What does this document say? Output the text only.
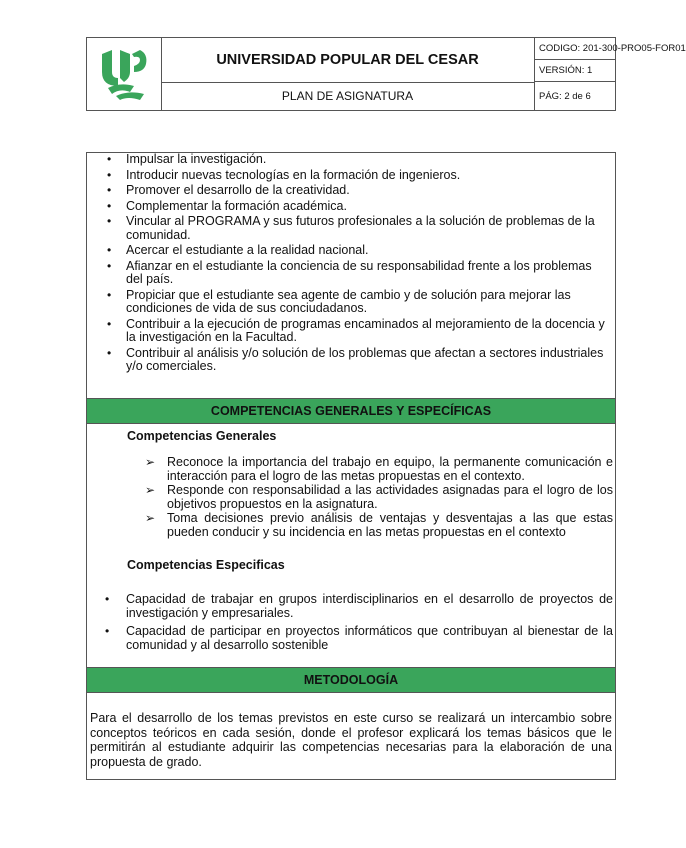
UNIVERSIDAD POPULAR DEL CESAR
PLAN DE ASIGNATURA
CODIGO: 201-300-PRO05-FOR01
VERSIÓN: 1
PÁG: 2 de 6
• Impulsar la investigación.
• Introducir nuevas tecnologías en la formación de ingenieros.
• Promover el desarrollo de la creatividad.
• Complementar la formación académica.
• Vincular al PROGRAMA y sus futuros profesionales a la solución de problemas de la comunidad.
• Acercar el estudiante a la realidad nacional.
• Afianzar en el estudiante la conciencia de su responsabilidad frente a los problemas del país.
• Propiciar que el estudiante sea agente de cambio y de solución para mejorar las condiciones de vida de sus conciudadanos.
• Contribuir a la ejecución de programas encaminados al mejoramiento de la docencia y la investigación en la Facultad.
• Contribuir al análisis y/o solución de los problemas que afectan a sectores industriales y/o comerciales.
COMPETENCIAS GENERALES Y ESPECÍFICAS
Competencias Generales
➢ Reconoce la importancia del trabajo en equipo, la permanente comunicación e interacción para el logro de las metas propuestas en el contexto.
➢ Responde con responsabilidad a las actividades asignadas para el logro de los objetivos propuestos en la asignatura.
➢ Toma decisiones previo análisis de ventajas y desventajas a las que estas pueden conducir y su incidencia en las metas propuestas en el contexto
Competencias Especificas
• Capacidad de trabajar en grupos interdisciplinarios en el desarrollo de proyectos de investigación y empresariales.
• Capacidad de participar en proyectos informáticos que contribuyan al bienestar de la comunidad y al desarrollo sostenible
METODOLOGÍA
Para el desarrollo de los temas previstos en este curso se realizará un intercambio sobre conceptos teóricos en cada sesión, donde el profesor explicará los temas básicos que le permitirán al estudiante adquirir las competencias necesarias para la elaboración de una propuesta de grado.
